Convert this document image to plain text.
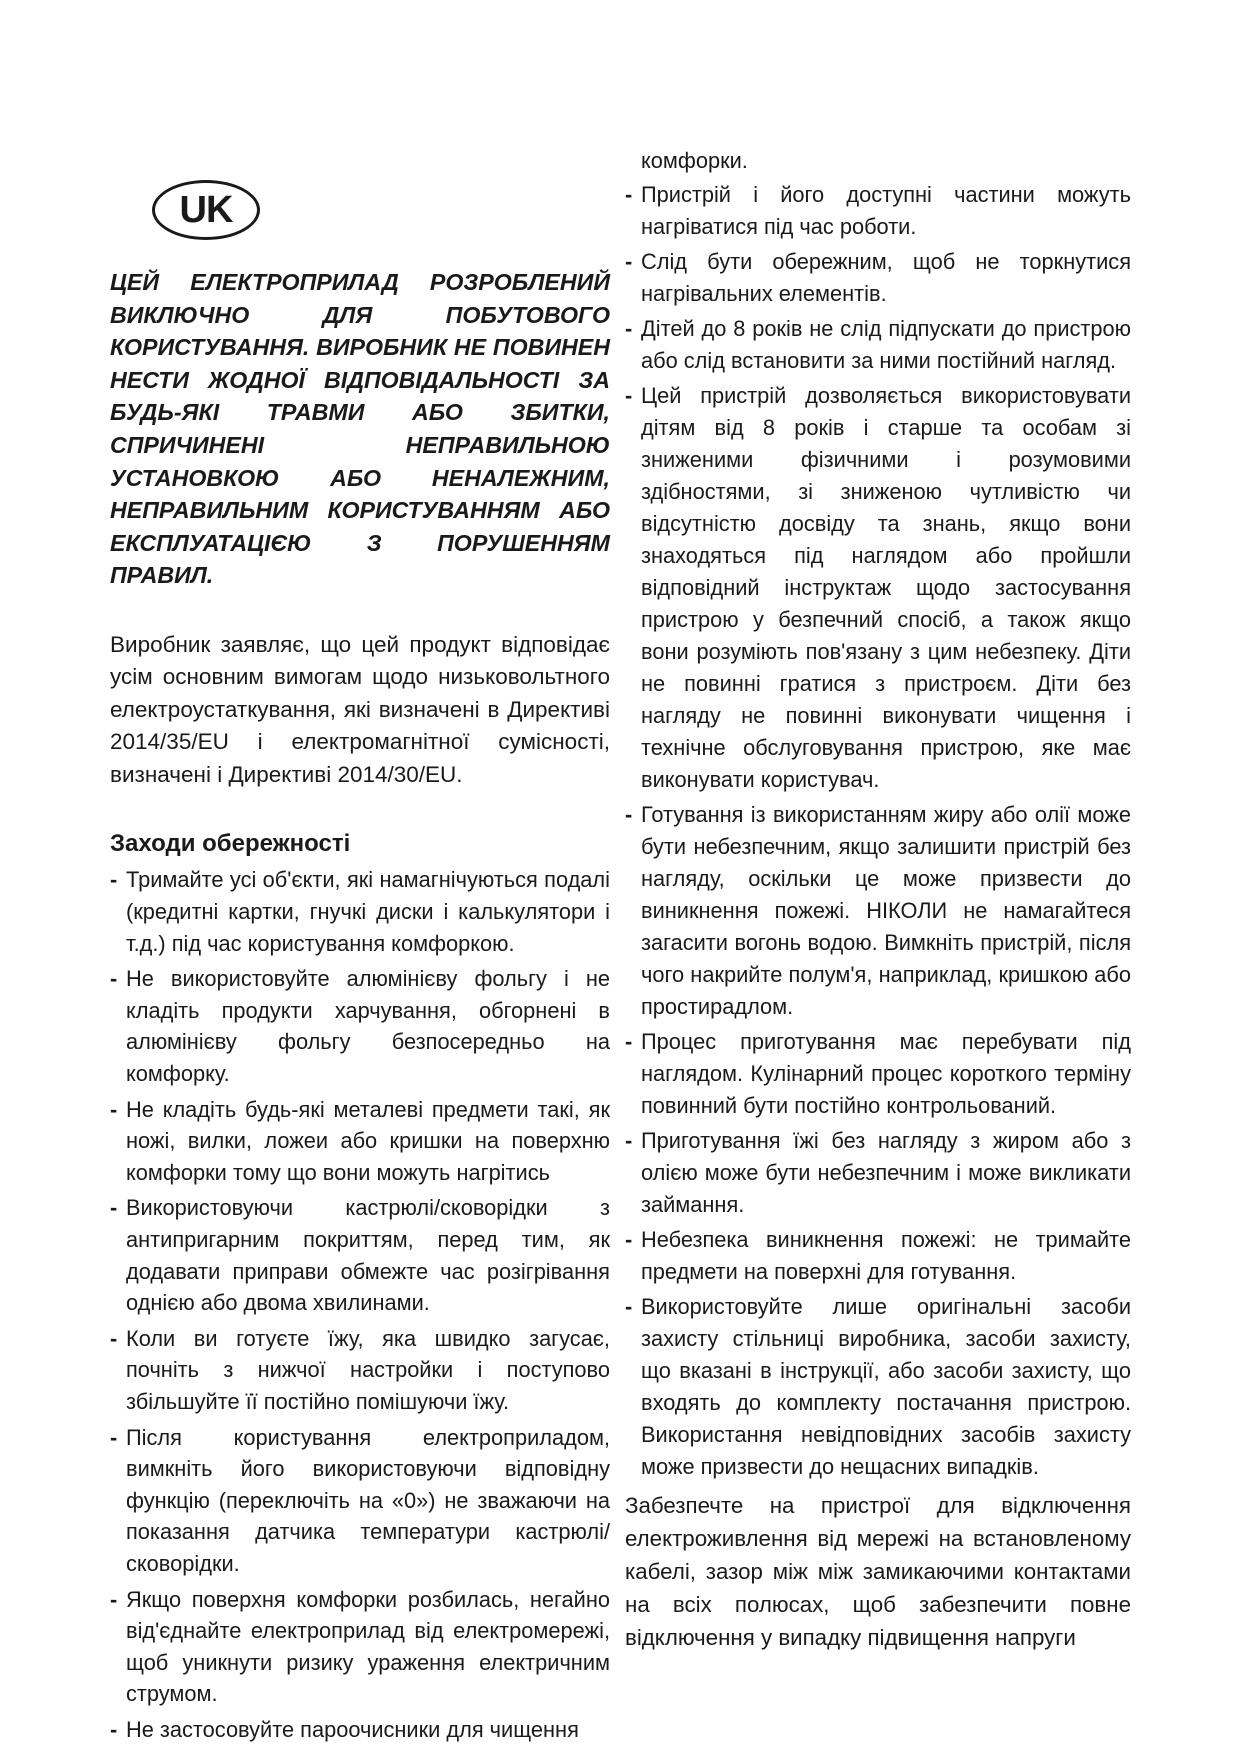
UK

ЦЕЙ ЕЛЕКТРОПРИЛАД РОЗРОБЛЕНИЙ ВИКЛЮЧНО ДЛЯ ПОБУТОВОГО КОРИСТУВАННЯ. ВИРОБНИК НЕ ПОВИНЕН НЕСТИ ЖОДНОЇ ВІДПОВІДАЛЬНОСТІ ЗА БУДЬ-ЯКІ ТРАВМИ АБО ЗБИТКИ, СПРИЧИНЕНІ НЕПРАВИЛЬНОЮ УСТАНОВКОЮ АБО НЕНАЛЕЖНИМ, НЕПРАВИЛЬНИМ КОРИСТУВАННЯМ АБО ЕКСПЛУАТАЦІЄЮ З ПОРУШЕННЯМ ПРАВИЛ.

Виробник заявляє, що цей продукт відповідає усім основним вимогам щодо низьковольтного електроустаткування, які визначені в Директиві 2014/35/EU і електромагнітної сумісності, визначені і Директиві 2014/30/EU.

Заходи обережності
- Тримайте усі об'єкти, які намагнічуються подалі (кредитні картки, гнучкі диски і калькулятори і т.д.) під час користування комфоркою.
- Не використовуйте алюмінієву фольгу і не кладіть продукти харчування, обгорнені в алюмінієву фольгу безпосередньо на комфорку.
- Не кладіть будь-які металеві предмети такі, як ножі, вилки, ложеи або кришки на поверхню комфорки тому що вони можуть нагрітись
- Використовуючи кастрюлі/сковорідки з антипригарним покриттям, перед тим, як додавати приправи обмежте час розігрівання однією або двома хвилинами.
- Коли ви готуєте їжу, яка швидко загусає, почніть з нижчої настройки і поступово збільшуйте її постійно помішуючи їжу.
- Після користування електроприладом, вимкніть його використовуючи відповідну функцію (переключіть на «0») не зважаючи на показання датчика температури кастрюлі/сковорідки.
- Якщо поверхня комфорки розбилась, негайно від'єднайте електроприлад від електромережі, щоб уникнути ризику ураження електричним струмом.
- Не застосовуйте пароочисники для чищення

комфорки.

- Пристрій і його доступні частини можуть нагріватися під час роботи.
- Слід бути обережним, щоб не торкнутися нагрівальних елементів.
- Дітей до 8 років не слід підпускати до пристрою або слід встановити за ними постійний нагляд.
- Цей пристрій дозволяється використовувати дітям від 8 років і старше та особам зі зниженими фізичними і розумовими здібностями, зі зниженою чутливістю чи відсутністю досвіду та знань, якщо вони знаходяться під наглядом або пройшли відповідний інструктаж щодо застосування пристрою у безпечний спосіб, а також якщо вони розуміють пов'язану з цим небезпеку. Діти не повинні гратися з пристроєм. Діти без нагляду не повинні виконувати чищення і технічне обслуговування пристрою, яке має виконувати користувач.
- Готування із використанням жиру або олії може бути небезпечним, якщо залишити пристрій без нагляду, оскільки це може призвести до виникнення пожежі. НІКОЛИ не намагайтеся загасити вогонь водою. Вимкніть пристрій, після чого накрийте полум'я, наприклад, кришкою або простирадлом.
- Процес приготування має перебувати під наглядом. Кулінарний процес короткого терміну повинний бути постійно контрольований.
- Приготування їжі без нагляду з жиром або з олією може бути небезпечним і може викликати займання.
- Небезпека виникнення пожежі: не тримайте предмети на поверхні для готування.
- Використовуйте лише оригінальні засоби захисту стільниці виробника, засоби захисту, що вказані в інструкції, або засоби захисту, що входять до комплекту постачання пристрою. Використання невідповідних засобів захисту може призвести до нещасних випадків.

Забезпечте на пристрої для відключення електроживлення від мережі на встановленому кабелі, зазор між між замикаючими контактами на всіх полюсах, щоб забезпечити повне відключення у випадку підвищення напруги
